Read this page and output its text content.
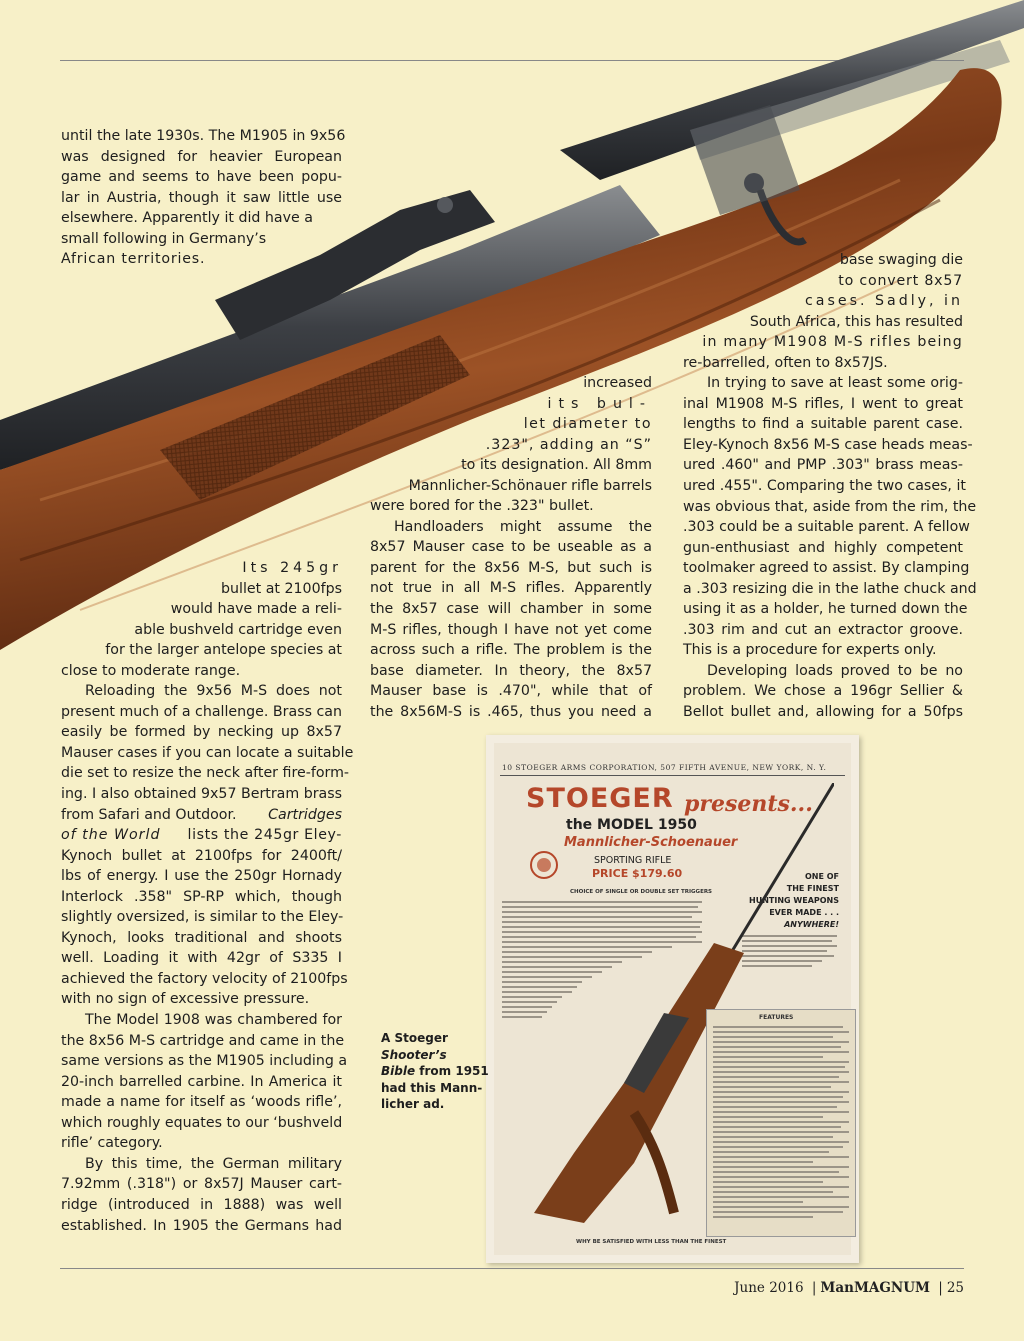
until the late 1930s. The M1905 in 9x56
was designed for heavier European
game and seems to have been popu-
lar in Austria, though it saw little use
elsewhere. Apparently it did have a
small following in Germany’s
African territories.
Its 245gr
bullet at 2100fps
would have made a reli-
able bushveld cartridge even
for the larger antelope species at
close to moderate range.
Reloading the 9x56 M-S does not
present much of a challenge. Brass can
easily be formed by necking up 8x57
Mauser cases if you can locate a suitable
die set to resize the neck after fire-form-
ing. I also obtained 9x57 Bertram brass
from Safari and Outdoor. Cartridges
of the World lists the 245gr Eley-
Kynoch bullet at 2100fps for 2400ft/
lbs of energy. I use the 250gr Hornady
Interlock .358" SP-RP which, though
slightly oversized, is similar to the Eley-
Kynoch, looks traditional and shoots
well. Loading it with 42gr of S335 I
achieved the factory velocity of 2100fps
with no sign of excessive pressure.
The Model 1908 was chambered for
the 8x56 M-S cartridge and came in the
same versions as the M1905 including a
20-inch barrelled carbine. In America it
made a name for itself as ‘woods rifle’,
which roughly equates to our ‘bushveld
rifle’ category.
By this time, the German military
7.92mm (.318") or 8x57J Mauser cart-
ridge (introduced in 1888) was well
established. In 1905 the Germans had
increased
its bul-
let diameter to
.323", adding an “S”
to its designation. All 8mm
Mannlicher-Schönauer rifle barrels
were bored for the .323" bullet.
Handloaders might assume the
8x57 Mauser case to be useable as a
parent for the 8x56 M-S, but such is
not true in all M-S rifles. Apparently
the 8x57 case will chamber in some
M-S rifles, though I have not yet come
across such a rifle. The problem is the
base diameter. In theory, the 8x57
Mauser base is .470", while that of
the 8x56M-S is .465, thus you need a
base swaging die
to convert 8x57
cases. Sadly, in
South Africa, this has resulted
in many M1908 M-S rifles being
re-barrelled, often to 8x57JS.
In trying to save at least some orig-
inal M1908 M-S rifles, I went to great
lengths to find a suitable parent case.
Eley-Kynoch 8x56 M-S case heads meas-
ured .460" and PMP .303" brass meas-
ured .455". Comparing the two cases, it
was obvious that, aside from the rim, the
.303 could be a suitable parent. A fellow
gun-enthusiast and highly competent
toolmaker agreed to assist. By clamping
a .303 resizing die in the lathe chuck and
using it as a holder, he turned down the
.303 rim and cut an extractor groove.
This is a procedure for experts only.
Developing loads proved to be no
problem. We chose a 196gr Sellier &
Bellot bullet and, allowing for a 50fps
10 STOEGER ARMS CORPORATION, 507 FIFTH AVENUE, NEW YORK, N. Y.
STOEGER presents...
the MODEL 1950
Mannlicher-Schoenauer
SPORTING RIFLE
PRICE $179.60
CHOICE OF SINGLE OR DOUBLE SET TRIGGERS
ONE OF
THE FINEST
HUNTING WEAPONS
EVER MADE . . .
ANYWHERE!
FEATURES
WHY BE SATISFIED WITH LESS THAN THE FINEST
A Stoeger
Shooter’s
Bible from 1951
had this Mann-
licher ad.
June 2016 | ManMAGNUM | 25
